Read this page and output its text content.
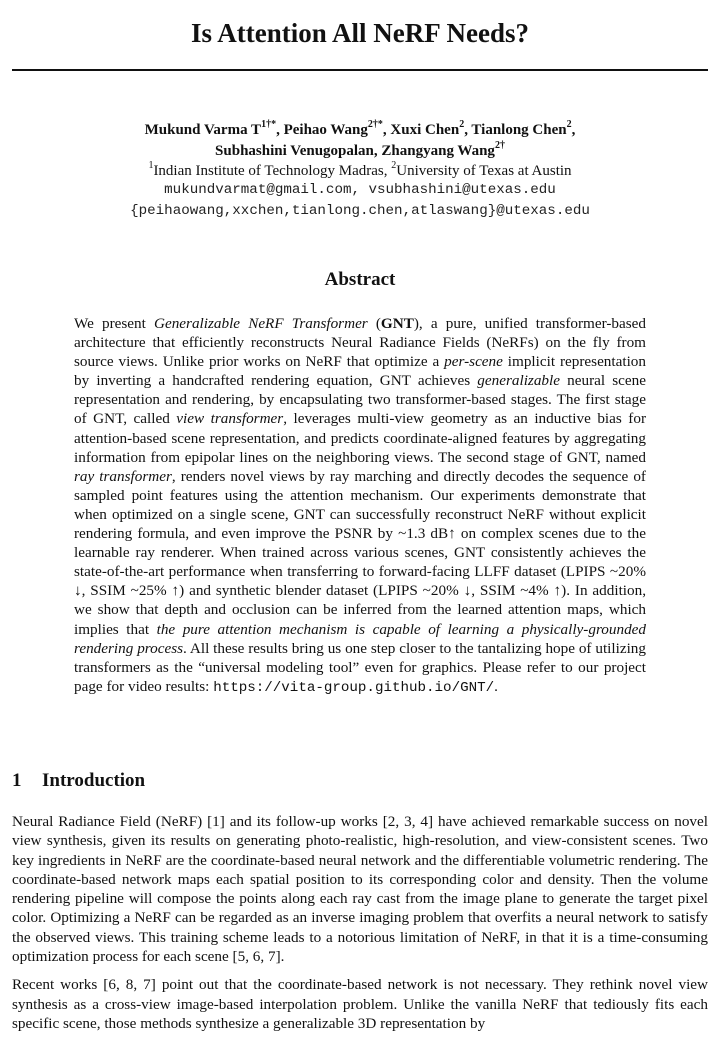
Is Attention All NeRF Needs?
Mukund Varma $T^{1\dagger*}$, Peihao Wang$^{2\dagger*}$, Xuxi Chen$^2$, Tianlong Chen$^2$,
Subhashini Venugopalan, Zhangyang Wang$^{2\dagger}$
$^1$Indian Institute of Technology Madras, $^2$University of Texas at Austin
mukundvarmat@gmail.com, vsubhashini@utexas.edu
{peihaowang,xxchen,tianlong.chen,atlaswang}@utexas.edu
Abstract

We present Generalizable NeRF Transformer (GNT), a pure, unified transformer-based architecture that efficiently reconstructs Neural Radiance Fields (NeRFs) on the fly from source views. Unlike prior works on NeRF that optimize a per-scene implicit representation by inverting a handcrafted rendering equation, GNT achieves generalizable neural scene representation and rendering, by encapsulating two transformer-based stages. The first stage of GNT, called view transformer, leverages multi-view geometry as an inductive bias for attention-based scene representation, and predicts coordinate-aligned features by aggregating information from epipolar lines on the neighboring views. The second stage of GNT, named ray transformer, renders novel views by ray marching and directly decodes the sequence of sampled point features using the attention mechanism. Our experiments demonstrate that when optimized on a single scene, GNT can successfully reconstruct NeRF without explicit rendering formula, and even improve the PSNR by ~1.3 dB↑ on complex scenes due to the learnable ray renderer. When trained across various scenes, GNT consistently achieves the state-of-the-art performance when transferring to forward-facing LLFF dataset (LPIPS ~20% ↓, SSIM ~25% ↑) and synthetic blender dataset (LPIPS ~20% ↓, SSIM ~4% ↑). In addition, we show that depth and occlusion can be inferred from the learned attention maps, which implies that the pure attention mechanism is capable of learning a physically-grounded rendering process. All these results bring us one step closer to the tantalizing hope of utilizing transformers as the “universal modeling tool” even for graphics. Please refer to our project page for video results: https://vita-group.github.io/GNT/.

1 Introduction

Neural Radiance Field (NeRF) [1] and its follow-up works [2, 3, 4] have achieved remarkable success on novel view synthesis, given its results on generating photo-realistic, high-resolution, and view-consistent scenes. Two key ingredients in NeRF are the coordinate-based neural network and the differentiable volumetric rendering. The coordinate-based network maps each spatial position to its corresponding color and density. Then the volume rendering pipeline will compose the points along each ray cast from the image plane to generate the target pixel color. Optimizing a NeRF can be regarded as an inverse imaging problem that overfits a neural network to satisfy the observed views. This training scheme leads to a notorious limitation of NeRF, in that it is a time-consuming optimization process for each scene [5, 6, 7].

Recent works [6, 8, 7] point out that the coordinate-based network is not necessary. They rethink novel view synthesis as a cross-view image-based interpolation problem. Unlike the vanilla NeRF that tediously fits each specific scene, those methods synthesize a generalizable 3D representation by
